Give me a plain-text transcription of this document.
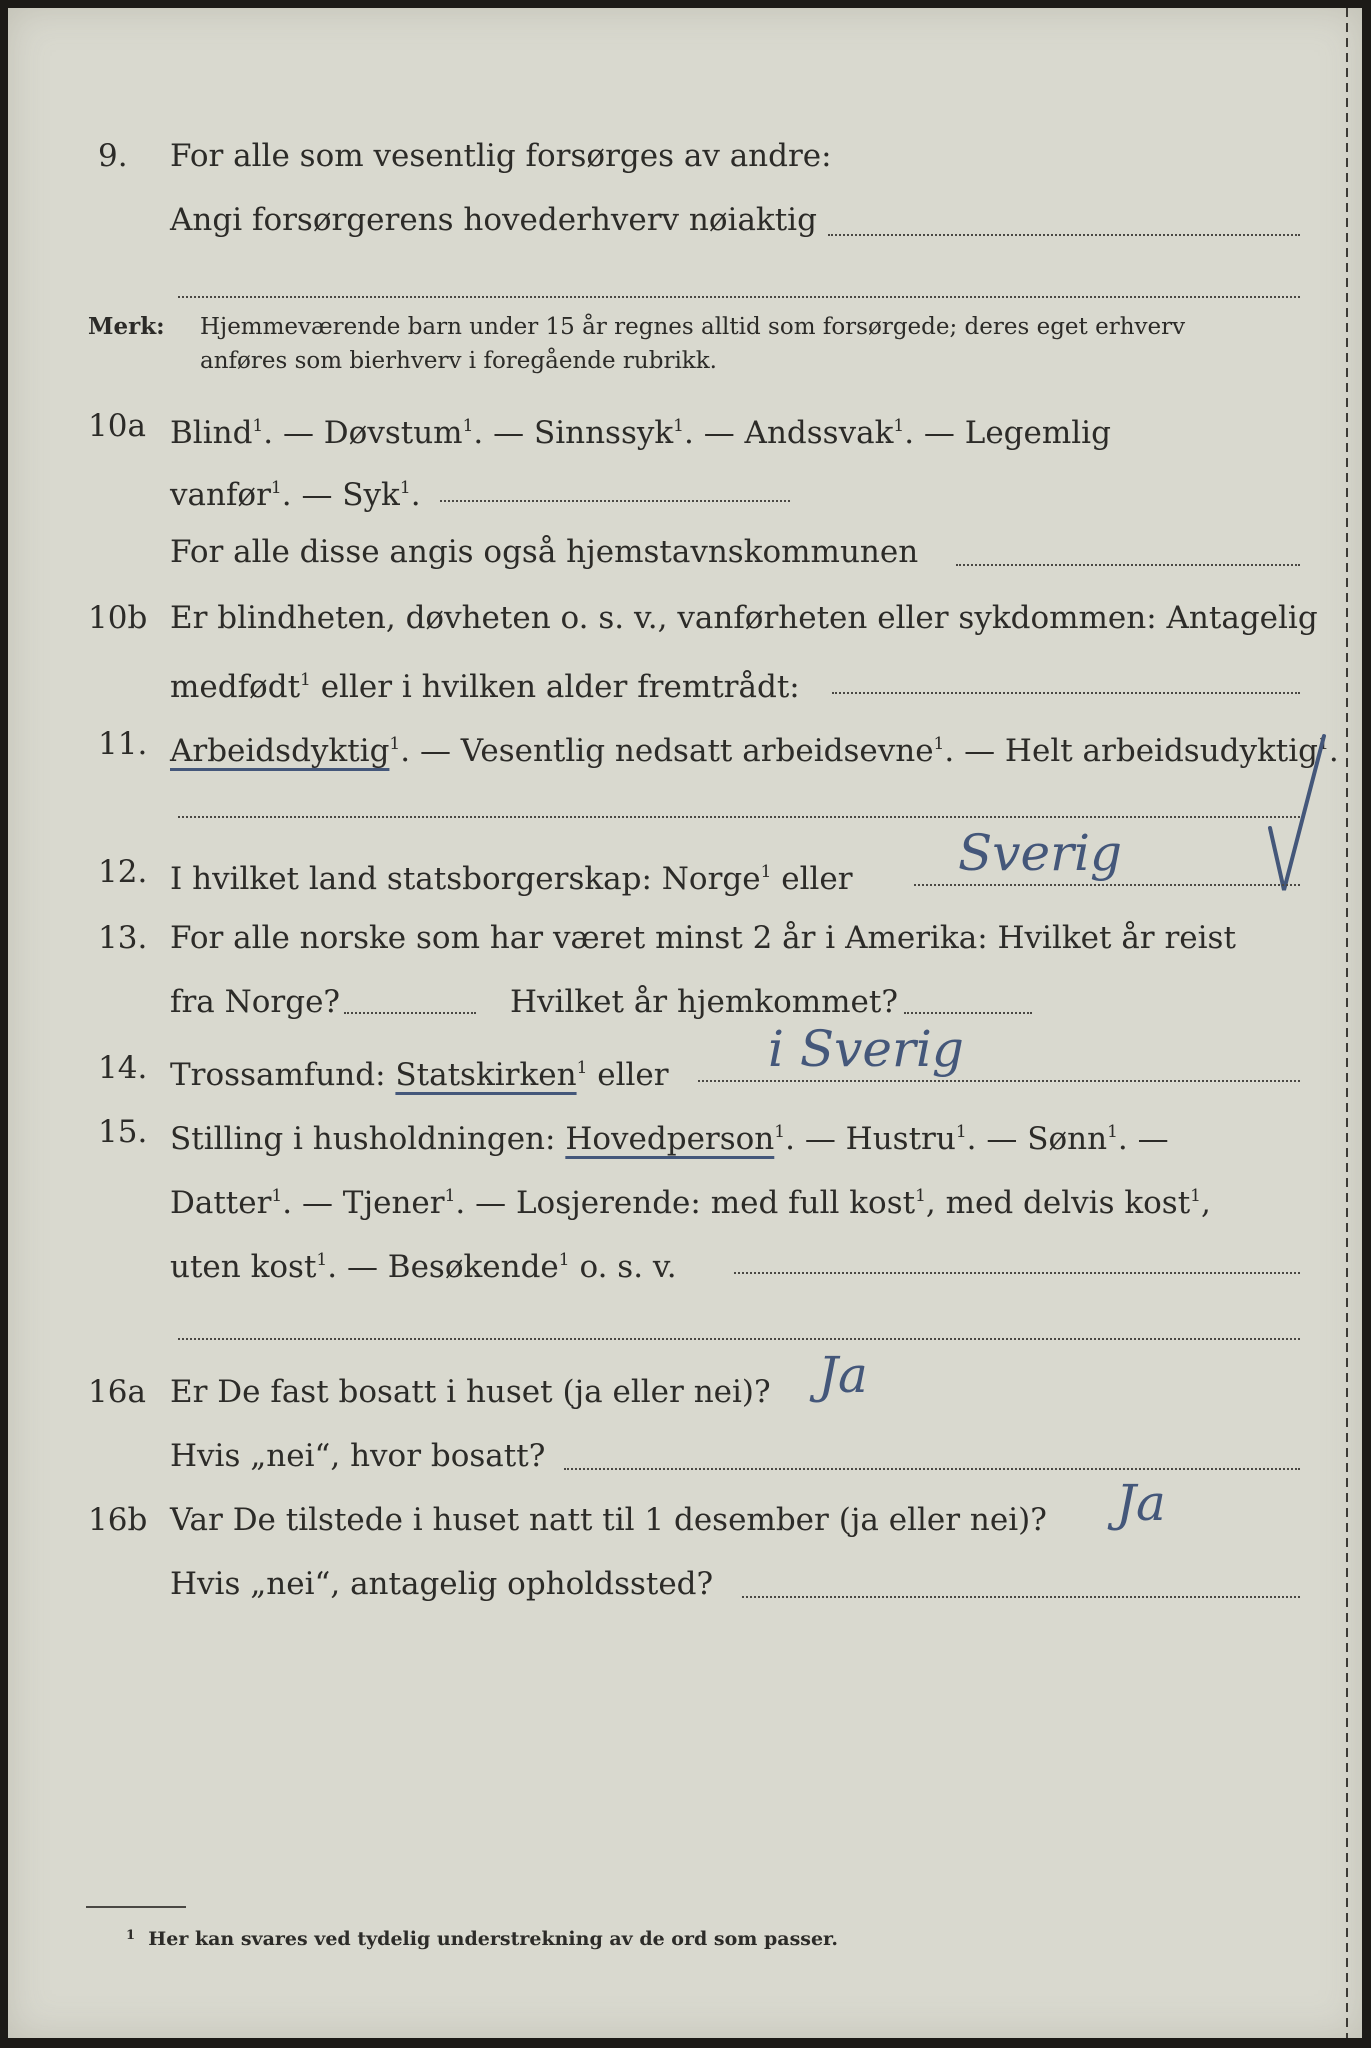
9. For alle som vesentlig forsørges av andre:
Angi forsørgerens hovederhverv nøiaktig
Merk: Hjemmeværende barn under 15 år regnes alltid som forsørgede; deres eget erhverv
anføres som bierhverv i foregående rubrikk.
10a Blind$^1$. — Døvstum$^1$. — Sinnssyk$^1$. — Andssvak$^1$. — Legemlig
vanfør$^1$. — Syk$^1$.
For alle disse angis også hjemstavnskommunen
10b Er blindheten, døvheten o. s. v., vanførheten eller sykdommen: Antagelig
medfødt$^1$ eller i hvilken alder fremtrådt:
11. Arbeidsdyktig$^1$. — Vesentlig nedsatt arbeidsevne$^1$. — Helt arbeidsudyktig$^1$.
12. I hvilket land statsborgerskap: Norge$^1$ eller Sverig
13. For alle norske som har været minst 2 år i Amerika: Hvilket år reist
fra Norge?	Hvilket år hjemkommet?
14. Trossamfund: Statskirken$^1$ eller i Sverig
15. Stilling i husholdningen: Hovedperson$^1$. — Hustru$^1$. — Sønn$^1$. —
Datter$^1$. — Tjener$^1$. — Losjerende: med full kost$^1$, med delvis kost$^1$,
uten kost$^1$. — Besøkende$^1$ o. s. v.
16a Er De fast bosatt i huset (ja eller nei)? Ja
Hvis „nei“, hvor bosatt?
16b Var De tilstede i huset natt til 1 desember (ja eller nei)? Ja
Hvis „nei“, antagelig opholdssted?
$^1$ Her kan svares ved tydelig understrekning av de ord som passer.
